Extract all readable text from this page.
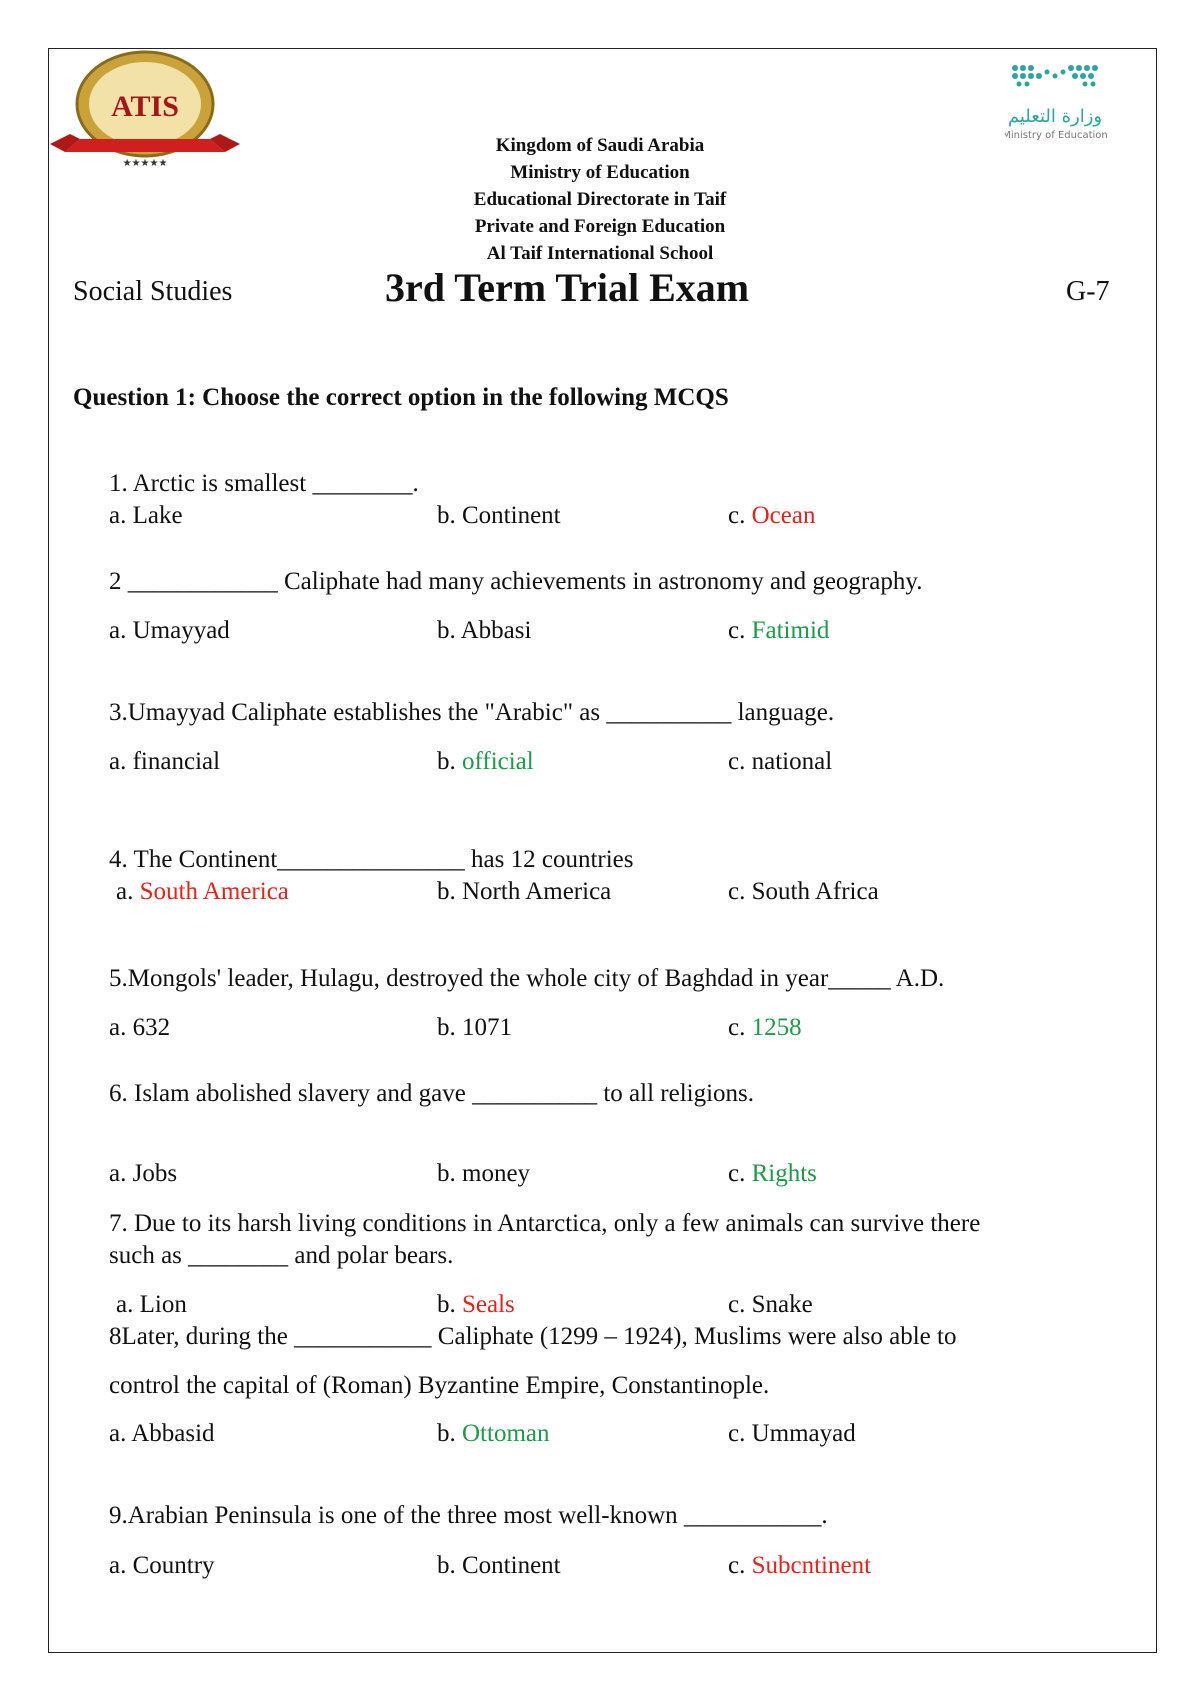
ATIS
★★★★★
وزارة التعليم
Ministry of Education
Kingdom of Saudi Arabia
Ministry of Education
Educational Directorate in Taif
Private and Foreign Education
Al Taif International School
Social Studies	3rd Term Trial Exam	G-7
Question 1: Choose the correct option in the following MCQS
1. Arctic is smallest ________.
a. Lake	b. Continent	c. Ocean
2 ____________ Caliphate had many achievements in astronomy and geography.
a. Umayyad	b. Abbasi	c. Fatimid
3.Umayyad Caliphate establishes the "Arabic" as __________ language.
a. financial	b. official	c. national
4. The Continent_______________ has 12 countries
a. South America	b. North America	c. South Africa
5.Mongols' leader, Hulagu, destroyed the whole city of Baghdad in year_____ A.D.
a. 632	b. 1071	c. 1258
6. Islam abolished slavery and gave __________ to all religions.
a. Jobs	b. money	c. Rights
7. Due to its harsh living conditions in Antarctica, only a few animals can survive there
such as ________ and polar bears.
a. Lion	b. Seals	c. Snake
8Later, during the ___________ Caliphate (1299 – 1924), Muslims were also able to
control the capital of (Roman) Byzantine Empire, Constantinople.
a. Abbasid	b. Ottoman	c. Ummayad
9.Arabian Peninsula is one of the three most well-known ___________.
a. Country	b. Continent	c. Subcntinent
